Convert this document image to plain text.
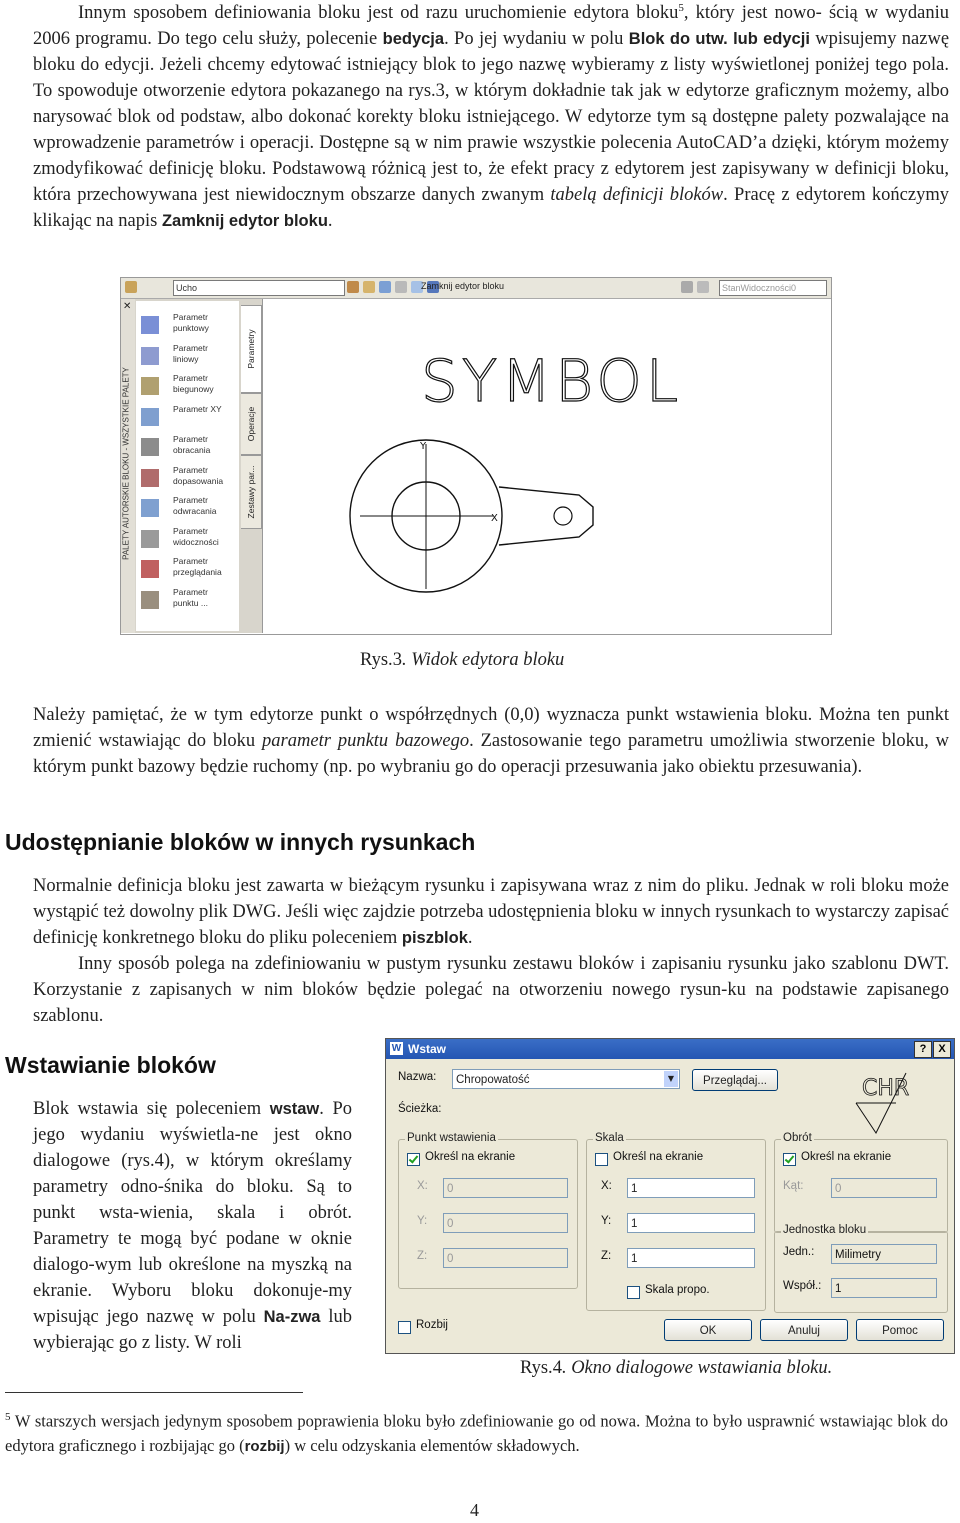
Innym sposobem definiowania bloku jest od razu uruchomienie edytora bloku$^5$, który jest nowo- ścią w wydaniu 2006 programu. Do tego celu służy, polecenie bedycja. Po jej wydaniu w polu Blok do utw. lub edycji wpisujemy nazwę bloku do edycji. Jeżeli chcemy edytować istniejący blok to jego nazwę wybieramy z listy wyświetlonej poniżej tego pola. To spowoduje otworzenie edytora pokazanego na rys.3, w którym dokładnie tak jak w edytorze graficznym możemy, albo narysować blok od podstaw, albo dokonać korekty bloku istniejącego. W edytorze tym są dostępne palety pozwalające na wprowadzenie parametrów i operacji. Dostępne są w nim prawie wszystkie polecenia AutoCAD’a dzięki, którym możemy zmodyfikować definicję bloku. Podstawową różnicą jest to, że efekt pracy z edytorem jest zapisywany w definicji bloku, która przechowywana jest niewidocznym obszarze danych zwanym tabelą definicji bloków. Pracę z edytorem kończymy klikając na napis Zamknij edytor bloku.
Ucho	Zamknij edytor bloku	StanWidoczności0
PALETY AUTORSKIE BLOKU - WSZYSTKIE PALETY
✕
Parametr
punktowy
Parametr
liniowy
Parametr
biegunowy
Parametr XY
Parametr
obracania
Parametr
dopasowania
Parametr
odwracania
Parametr
widoczności
Parametr
przeglądania
Parametr
punktu ...
Parametry
Operacje
Zestawy par...
SYMBOL
Y
X
Rys.3. Widok edytora bloku
Należy pamiętać, że w tym edytorze punkt o współrzędnych (0,0) wyznacza punkt wstawienia bloku. Można ten punkt zmienić wstawiając do bloku parametr punktu bazowego. Zastosowanie tego parametru umożliwia stworzenie bloku, w którym punkt bazowy będzie ruchomy (np. po wybraniu go do operacji przesuwania jako obiektu przesuwania).
Udostępnianie bloków w innych rysunkach
Normalnie definicja bloku jest zawarta w bieżącym rysunku i zapisywana wraz z nim do pliku. Jednak w roli bloku może wystąpić też dowolny plik DWG. Jeśli więc zajdzie potrzeba udostępnienia bloku w innych rysunkach to wystarczy zapisać definicję konkretnego bloku do pliku poleceniem piszblok.
Inny sposób polega na zdefiniowaniu w pustym rysunku zestawu bloków i zapisaniu rysunku jako szablonu DWT. Korzystanie z zapisanych w nim bloków będzie polegać na otworzeniu nowego rysun-ku na podstawie zapisanego szablonu.
Wstawianie bloków
Blok wstawia się poleceniem wstaw. Po jego wydaniu wyświetla-ne jest okno dialogowe (rys.4), w którym określamy parametry odno-śnika do bloku. Są to punkt wsta-wienia, skala i obrót. Parametry te mogą być podane w oknie dialogo-wym lub określone na myszką na ekranie. Wyboru bloku dokonuje-my wpisując jego nazwę w polu Na-zwa lub wybierając go z listy. W roli
W Wstaw	?	X
Nazwa:	Chropowatość	▼	Przeglądaj...
Ścieżka:
CHR
Punkt wstawienia
Określ na ekranie
X:	0
Y:	0
Z:	0
Skala
Określ na ekranie
X:	1
Y:	1
Z:	1
Skala propo.
Obrót
Określ na ekranie
Kąt:	0
Jednostka bloku
Jedn.:	Milimetry
Współ.:	1
Rozbij	OK	Anuluj	Pomoc
Rys.4. Okno dialogowe wstawiania bloku.
$^5$ W starszych wersjach jedynym sposobem poprawienia bloku było zdefiniowanie go od nowa. Można to było usprawnić wstawiając blok do edytora graficznego i rozbijając go (rozbij) w celu odzyskania elementów składowych.
4
